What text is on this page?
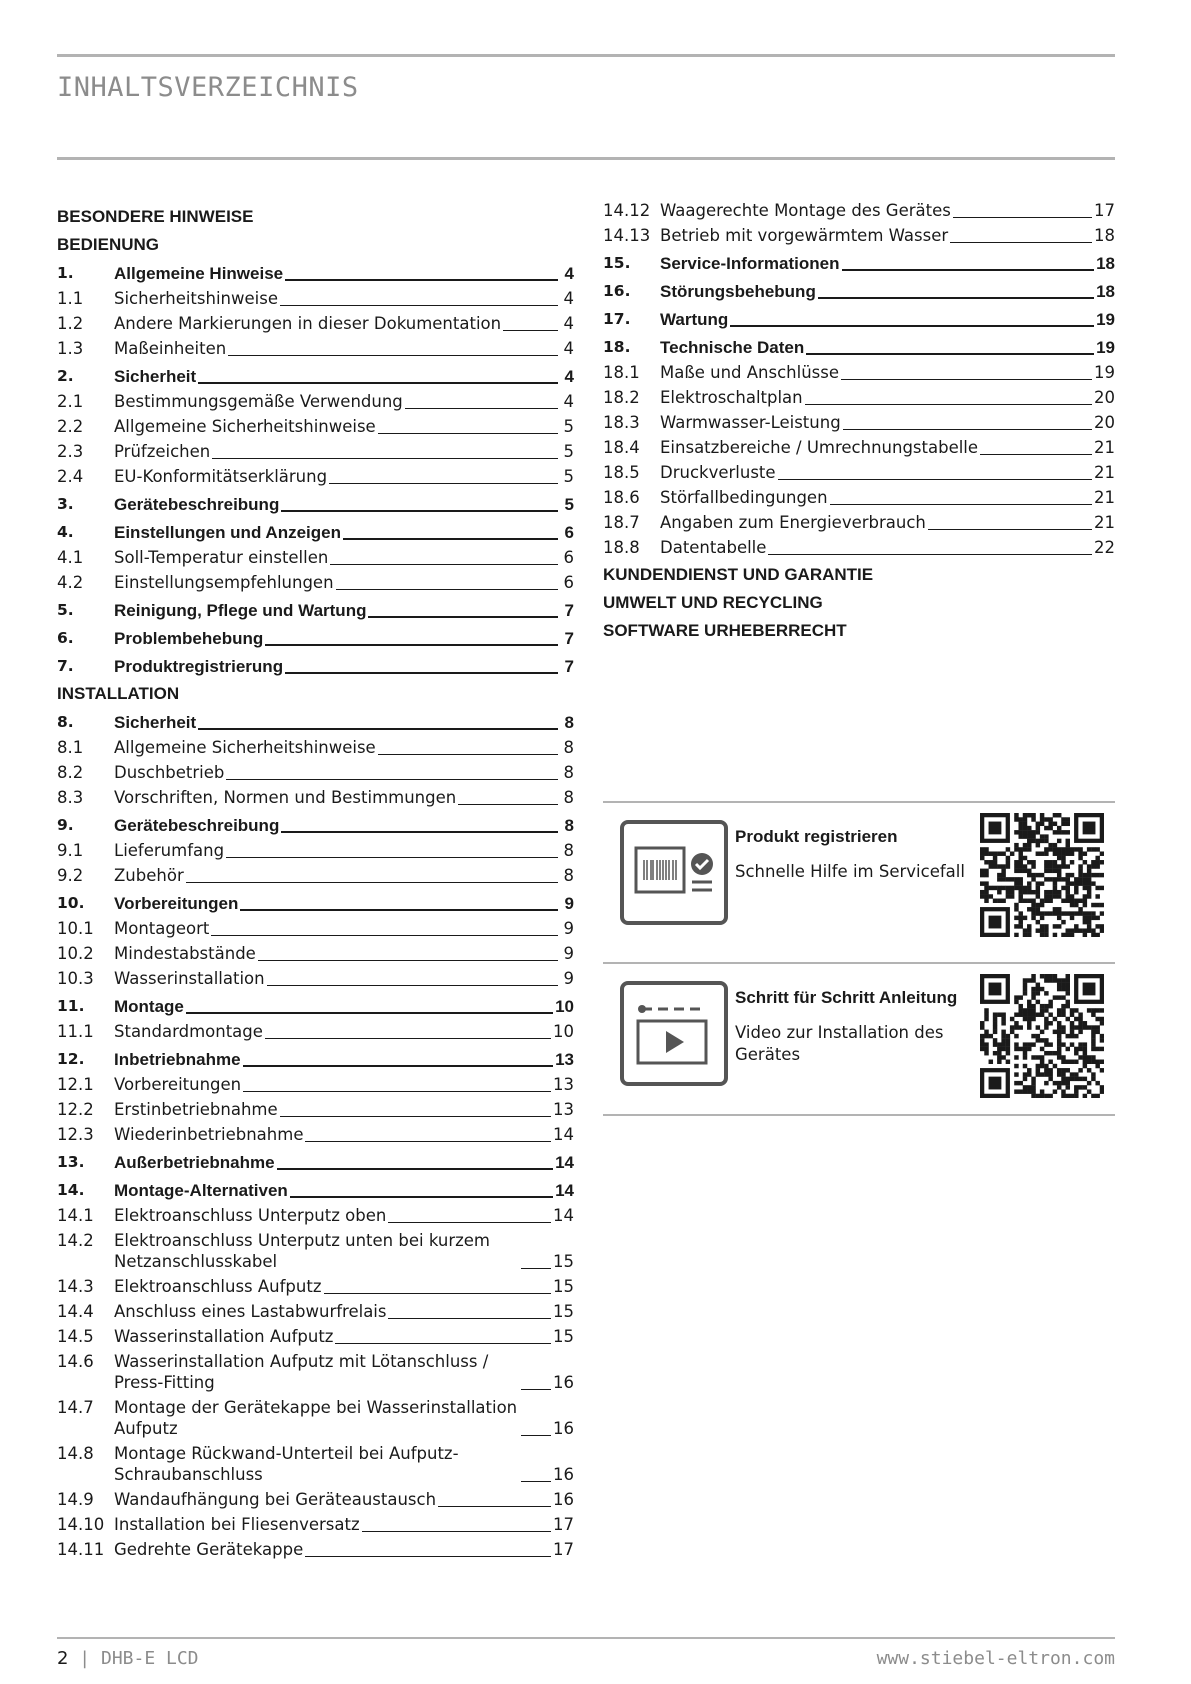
INHALTSVERZEICHNIS
BESONDERE HINWEISE
BEDIENUNG
1.	Allgemeine Hinweise	4
1.1	Sicherheitshinweise	4
1.2	Andere Markierungen in dieser Dokumentation	4
1.3	Maßeinheiten	4
2.	Sicherheit	4
2.1	Bestimmungsgemäße Verwendung	4
2.2	Allgemeine Sicherheitshinweise	5
2.3	Prüfzeichen	5
2.4	EU-Konformitätserklärung	5
3.	Gerätebeschreibung	5
4.	Einstellungen und Anzeigen	6
4.1	Soll-Temperatur einstellen	6
4.2	Einstellungsempfehlungen	6
5.	Reinigung, Pflege und Wartung	7
6.	Problembehebung	7
7.	Produktregistrierung	7
INSTALLATION
8.	Sicherheit	8
8.1	Allgemeine Sicherheitshinweise	8
8.2	Duschbetrieb	8
8.3	Vorschriften, Normen und Bestimmungen	8
9.	Gerätebeschreibung	8
9.1	Lieferumfang	8
9.2	Zubehör	8
10.	Vorbereitungen	9
10.1	Montageort	9
10.2	Mindestabstände	9
10.3	Wasserinstallation	9
11.	Montage	10
11.1	Standardmontage	10
12.	Inbetriebnahme	13
12.1	Vorbereitungen	13
12.2	Erstinbetriebnahme	13
12.3	Wiederinbetriebnahme	14
13.	Außerbetriebnahme	14
14.	Montage-Alternativen	14
14.1	Elektroanschluss Unterputz oben	14
14.2	Elektroanschluss Unterputz unten bei kurzem Netzanschlusskabel	15
14.3	Elektroanschluss Aufputz	15
14.4	Anschluss eines Lastabwurfrelais	15
14.5	Wasserinstallation Aufputz	15
14.6	Wasserinstallation Aufputz mit Lötanschluss / Press-Fitting	16
14.7	Montage der Gerätekappe bei Wasserinstallation Aufputz	16
14.8	Montage Rückwand-Unterteil bei Aufputz-Schraubanschluss	16
14.9	Wandaufhängung bei Geräteaustausch	16
14.10 Installation bei Fliesenversatz	17
14.11 Gedrehte Gerätekappe	17
14.12 Waagerechte Montage des Gerätes	17
14.13 Betrieb mit vorgewärmtem Wasser	18
15.	Service-Informationen	18
16.	Störungsbehebung	18
17.	Wartung	19
18.	Technische Daten	19
18.1	Maße und Anschlüsse	19
18.2	Elektroschaltplan	20
18.3	Warmwasser-Leistung	20
18.4	Einsatzbereiche / Umrechnungstabelle	21
18.5	Druckverluste	21
18.6	Störfallbedingungen	21
18.7	Angaben zum Energieverbrauch	21
18.8	Datentabelle	22
KUNDENDIENST UND GARANTIE
UMWELT UND RECYCLING
SOFTWARE URHEBERRECHT
Produkt registrieren
Schnelle Hilfe im Servicefall
Schritt für Schritt Anleitung
Video zur Installation des Gerätes
2 | DHB-E LCD	www.stiebel-eltron.com
